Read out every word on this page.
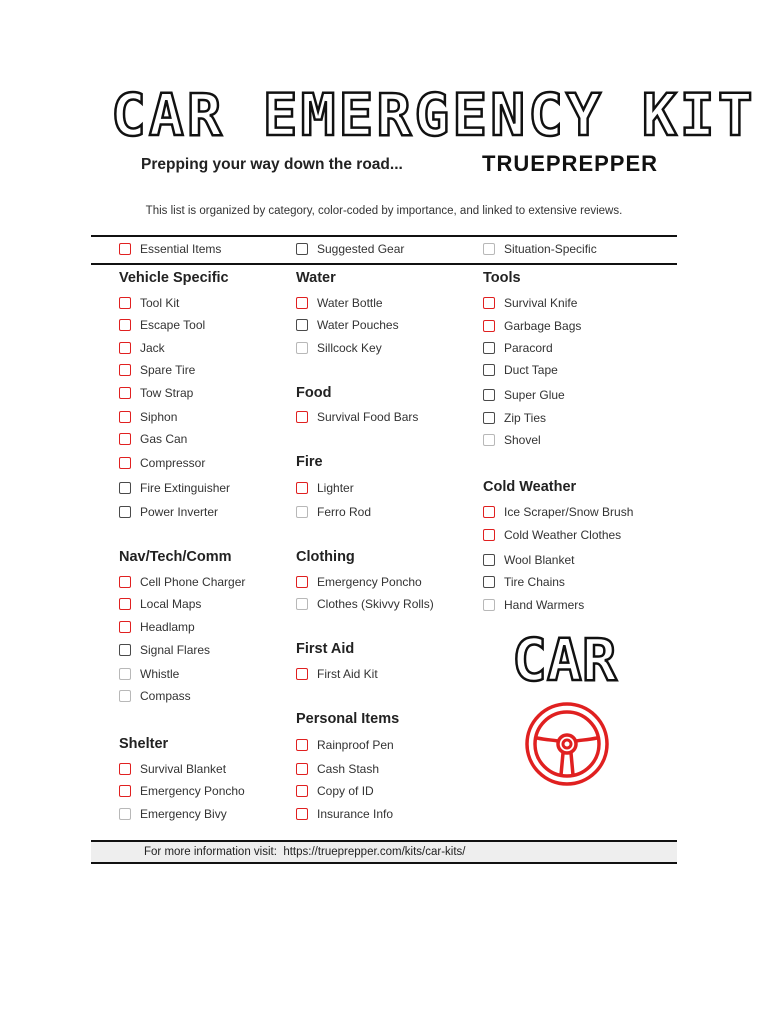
CAR EMERGENCY KIT
Prepping your way down the road...	TRUEPREPPER
This list is organized by category, color-coded by importance, and linked to extensive reviews.
Essential Items	Suggested Gear	Situation-Specific
Vehicle Specific
Nav/Tech/Comm
Shelter
Water
Food
Fire
Clothing
First Aid
Personal Items
Tools
Cold Weather
Tool Kit
Escape Tool
Jack
Spare Tire
Tow Strap
Siphon
Gas Can
Compressor
Fire Extinguisher
Power Inverter
Cell Phone Charger
Local Maps
Headlamp
Signal Flares
Whistle
Compass
Survival Blanket
Emergency Poncho
Emergency Bivy
Water Bottle
Water Pouches
Sillcock Key
Survival Food Bars
Lighter
Ferro Rod
Emergency Poncho
Clothes (Skivvy Rolls)
First Aid Kit
Rainproof Pen
Cash Stash
Copy of ID
Insurance Info
Survival Knife
Garbage Bags
Paracord
Duct Tape
Super Glue
Zip Ties
Shovel
Ice Scraper/Snow Brush
Cold Weather Clothes
Wool Blanket
Tire Chains
Hand Warmers
CAR
For more information visit:
https://trueprepper.com/kits/car-kits/
